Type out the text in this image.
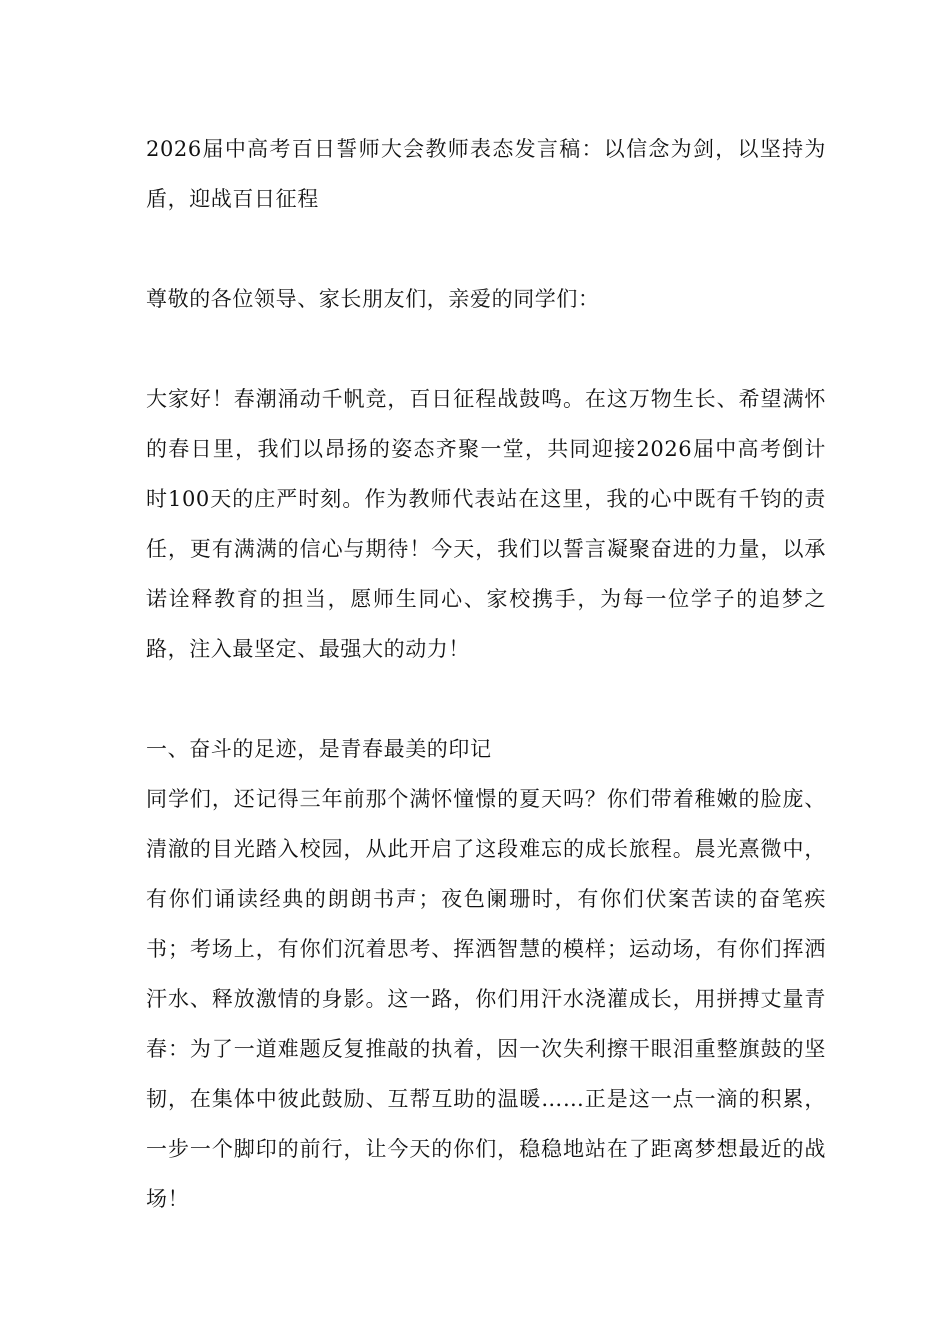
2026届中高考百日誓师大会教师表态发言稿：以信念为剑，以坚持为盾，迎战百日征程

尊敬的各位领导、家长朋友们，亲爱的同学们：

大家好！春潮涌动千帆竞，百日征程战鼓鸣。在这万物生长、希望满怀的春日里，我们以昂扬的姿态齐聚一堂，共同迎接2026届中高考倒计时100天的庄严时刻。作为教师代表站在这里，我的心中既有千钧的责任，更有满满的信心与期待！今天，我们以誓言凝聚奋进的力量，以承诺诠释教育的担当，愿师生同心、家校携手，为每一位学子的追梦之路，注入最坚定、最强大的动力！

一、奋斗的足迹，是青春最美的印记

同学们，还记得三年前那个满怀憧憬的夏天吗？你们带着稚嫩的脸庞、清澈的目光踏入校园，从此开启了这段难忘的成长旅程。晨光熹微中，有你们诵读经典的朗朗书声；夜色阑珊时，有你们伏案苦读的奋笔疾书；考场上，有你们沉着思考、挥洒智慧的模样；运动场，有你们挥洒汗水、释放激情的身影。这一路，你们用汗水浇灌成长，用拼搏丈量青春：为了一道难题反复推敲的执着，因一次失利擦干眼泪重整旗鼓的坚韧，在集体中彼此鼓励、互帮互助的温暖……正是这一点一滴的积累，一步一个脚印的前行，让今天的你们，稳稳地站在了距离梦想最近的战场！
